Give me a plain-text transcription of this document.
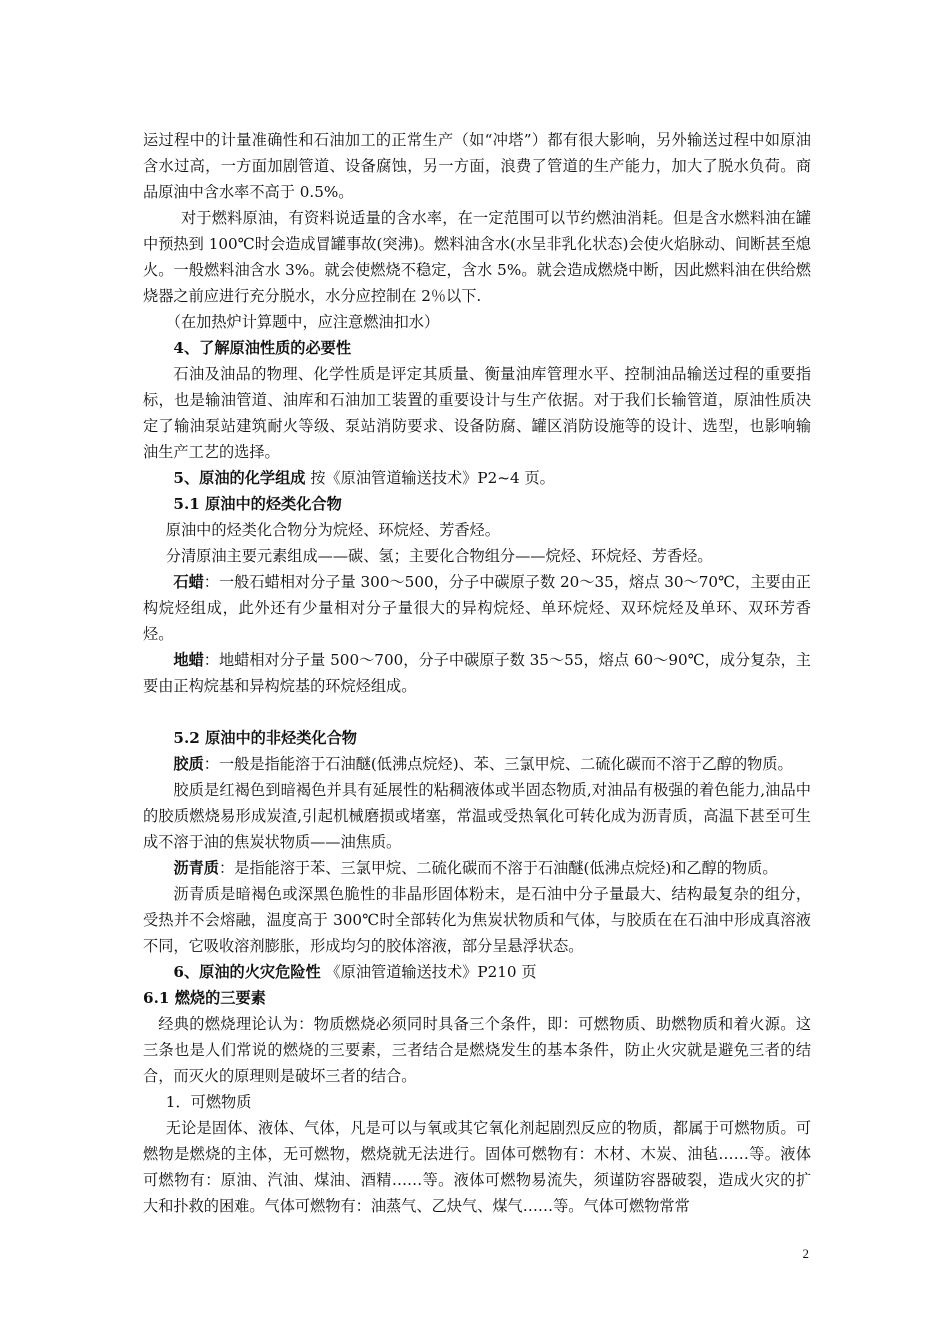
运过程中的计量准确性和石油加工的正常生产（如“冲塔”）都有很大影响，另外输送过程中如原油含水过高，一方面加剧管道、设备腐蚀，另一方面，浪费了管道的生产能力，加大了脱水负荷。商品原油中含水率不高于 0.5%。

对于燃料原油，有资料说适量的含水率，在一定范围可以节约燃油消耗。但是含水燃料油在罐中预热到 100℃时会造成冒罐事故(突沸)。燃料油含水(水呈非乳化状态)会使火焰脉动、间断甚至熄火。一般燃料油含水 3%。就会使燃烧不稳定，含水 5%。就会造成燃烧中断，因此燃料油在供给燃烧器之前应进行充分脱水，水分应控制在 2％以下.

（在加热炉计算题中，应注意燃油扣水）

4、了解原油性质的必要性

石油及油品的物理、化学性质是评定其质量、衡量油库管理水平、控制油品输送过程的重要指标，也是输油管道、油库和石油加工装置的重要设计与生产依据。对于我们长输管道，原油性质决定了输油泵站建筑耐火等级、泵站消防要求、设备防腐、罐区消防设施等的设计、选型，也影响输油生产工艺的选择。

5、原油的化学组成 按《原油管道输送技术》P2~4 页。

5.1 原油中的烃类化合物

原油中的烃类化合物分为烷烃、环烷烃、芳香烃。

分清原油主要元素组成——碳、氢；主要化合物组分——烷烃、环烷烃、芳香烃。

石蜡：一般石蜡相对分子量 300～500，分子中碳原子数 20～35，熔点 30～70℃，主要由正构烷烃组成，此外还有少量相对分子量很大的异构烷烃、单环烷烃、双环烷烃及单环、双环芳香烃。

地蜡：地蜡相对分子量 500～700，分子中碳原子数 35～55，熔点 60～90℃，成分复杂，主要由正构烷基和异构烷基的环烷烃组成。

5.2 原油中的非烃类化合物

胶质：一般是指能溶于石油醚(低沸点烷烃)、苯、三氯甲烷、二硫化碳而不溶于乙醇的物质。

胶质是红褐色到暗褐色并具有延展性的粘稠液体或半固态物质,对油品有极强的着色能力,油品中的胶质燃烧易形成炭渣,引起机械磨损或堵塞，常温或受热氧化可转化成为沥青质，高温下甚至可生成不溶于油的焦炭状物质——油焦质。

沥青质：是指能溶于苯、三氯甲烷、二硫化碳而不溶于石油醚(低沸点烷烃)和乙醇的物质。

沥青质是暗褐色或深黑色脆性的非晶形固体粉末，是石油中分子量最大、结构最复杂的组分，受热并不会熔融，温度高于 300℃时全部转化为焦炭状物质和气体，与胶质在在石油中形成真溶液不同，它吸收溶剂膨胀，形成均匀的胶体溶液，部分呈悬浮状态。

6、原油的火灾危险性 《原油管道输送技术》P210 页

6.1 燃烧的三要素

经典的燃烧理论认为：物质燃烧必须同时具备三个条件，即：可燃物质、助燃物质和着火源。这三条也是人们常说的燃烧的三要素，三者结合是燃烧发生的基本条件，防止火灾就是避免三者的结合，而灭火的原理则是破坏三者的结合。

1．可燃物质

无论是固体、液体、气体，凡是可以与氧或其它氧化剂起剧烈反应的物质，都属于可燃物质。可燃物是燃烧的主体，无可燃物，燃烧就无法进行。固体可燃物有：木材、木炭、油毡……等。液体可燃物有：原油、汽油、煤油、酒精……等。液体可燃物易流失，须谨防容器破裂，造成火灾的扩大和扑救的困难。气体可燃物有：油蒸气、乙炔气、煤气……等。气体可燃物常常

2
